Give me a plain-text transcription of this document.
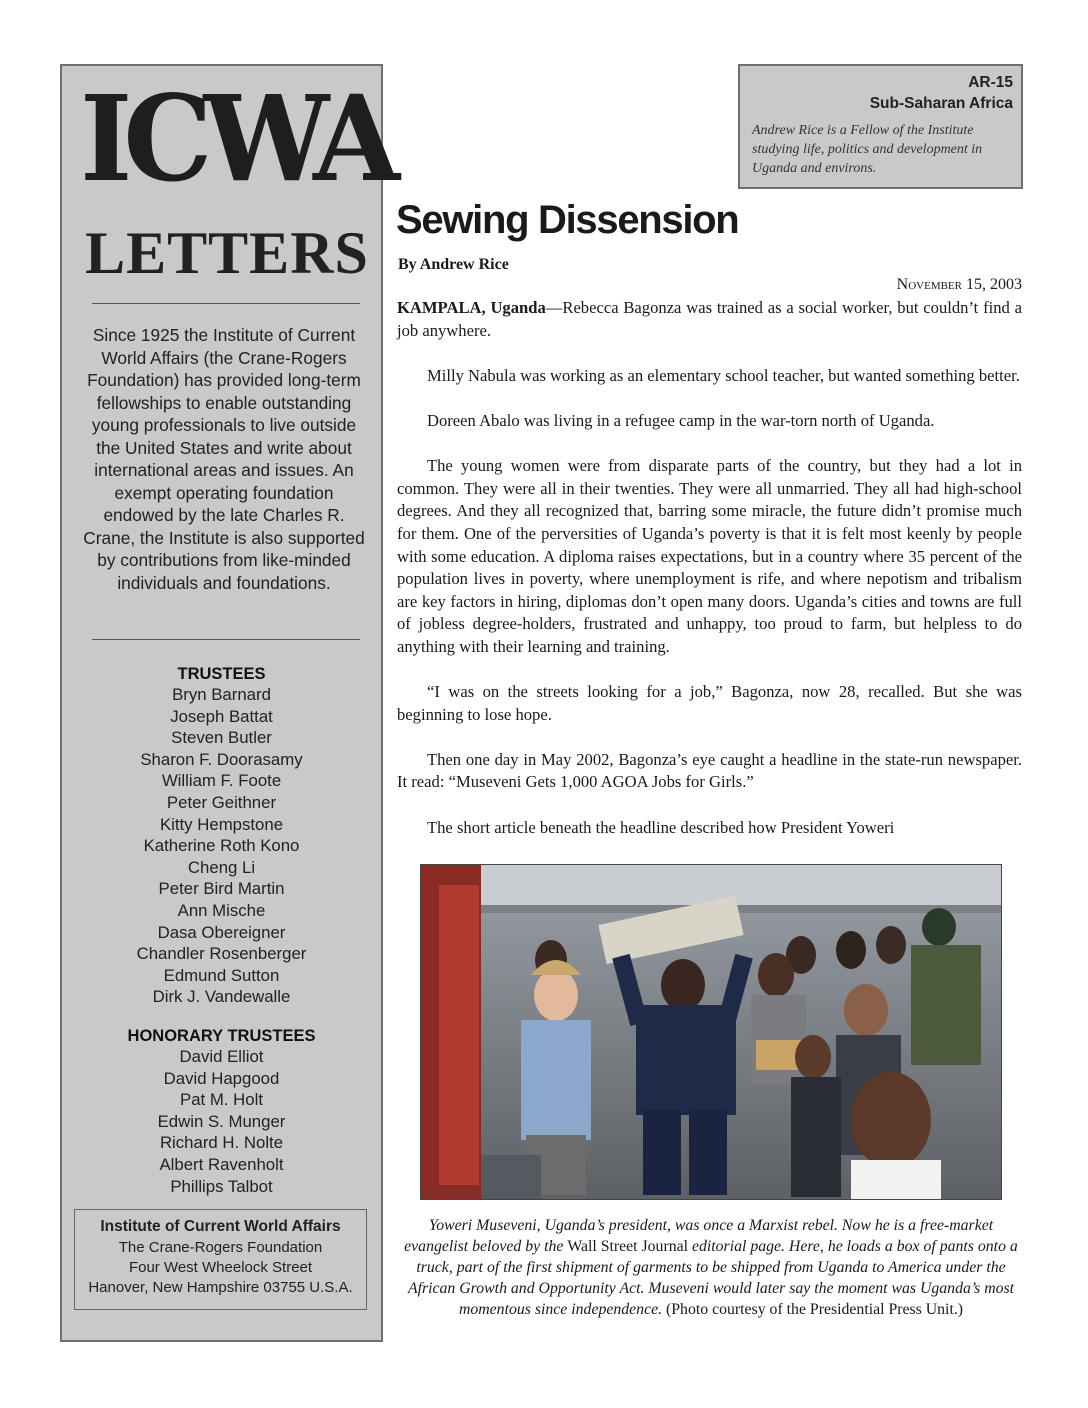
ICWA
LETTERS
Since 1925 the Institute of Current World Affairs (the Crane-Rogers Foundation) has provided long-term fellowships to enable outstanding young professionals to live outside the United States and write about international areas and issues. An exempt operating foundation endowed by the late Charles R. Crane, the Institute is also supported by contributions from like-minded individuals and foundations.
TRUSTEES
Bryn Barnard
Joseph Battat
Steven Butler
Sharon F. Doorasamy
William F. Foote
Peter Geithner
Kitty Hempstone
Katherine Roth Kono
Cheng Li
Peter Bird Martin
Ann Mische
Dasa Obereigner
Chandler Rosenberger
Edmund Sutton
Dirk J. Vandewalle
HONORARY TRUSTEES
David Elliot
David Hapgood
Pat M. Holt
Edwin S. Munger
Richard H. Nolte
Albert Ravenholt
Phillips Talbot
Institute of Current World Affairs
The Crane-Rogers Foundation
Four West Wheelock Street
Hanover, New Hampshire 03755 U.S.A.
AR-15
Sub-Saharan Africa
Andrew Rice is a Fellow of the Institute studying life, politics and development in Uganda and environs.
Sewing Dissension
By Andrew Rice
November 15, 2003

KAMPALA, Uganda—Rebecca Bagonza was trained as a social worker, but couldn’t find a job anywhere.

Milly Nabula was working as an elementary school teacher, but wanted something better.

Doreen Abalo was living in a refugee camp in the war-torn north of Uganda.

The young women were from disparate parts of the country, but they had a lot in common. They were all in their twenties. They were all unmarried. They all had high-school degrees. And they all recognized that, barring some miracle, the future didn’t promise much for them. One of the perversities of Uganda’s poverty is that it is felt most keenly by people with some education. A diploma raises expectations, but in a country where 35 percent of the population lives in poverty, where unemployment is rife, and where nepotism and tribalism are key factors in hiring, diplomas don’t open many doors. Uganda’s cities and towns are full of jobless degree-holders, frustrated and unhappy, too proud to farm, but helpless to do anything with their learning and training.

“I was on the streets looking for a job,” Bagonza, now 28, recalled. But she was beginning to lose hope.

Then one day in May 2002, Bagonza’s eye caught a headline in the state-run newspaper. It read: “Museveni Gets 1,000 AGOA Jobs for Girls.”

The short article beneath the headline described how President Yoweri

Yoweri Museveni, Uganda’s president, was once a Marxist rebel. Now he is a free-market evangelist beloved by the Wall Street Journal editorial page. Here, he loads a box of pants onto a truck, part of the first shipment of garments to be shipped from Uganda to America under the African Growth and Opportunity Act. Museveni would later say the moment was Uganda’s most momentous since independence. (Photo courtesy of the Presidential Press Unit.)
